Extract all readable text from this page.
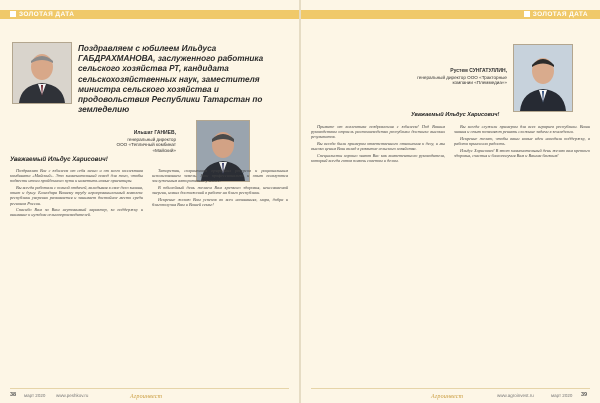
ЗОЛОТАЯ ДАТА
Поздравляем с юбилеем Ильдуса ГАБДРАХМАНОВА, заслуженного работника сельского хозяйства РТ, кандидата сельскохозяйственных наук, заместителя министра сельского хозяйства и продовольствия Республики Татарстан по земледелию
Ильшат ГАНИЕВ,
генеральный директор
ООО «Тепличный комбинат «Майский»
Уважаемый Ильдус Харисович!

Поздравляю Вас с юбилеем от себя лично и от всего коллектива комбината «Майский». Это знаменательный повод для того, чтобы подвести итоги пройденного пути и наметить новые ориентиры.

Вы всегда работали с полной отдачей, вкладывая в свое дело знания, опыт и душу. Благодаря Вашему труду агропромышленный комплекс республики уверенно развивается и занимает достойное место среди регионов России.

Спасибо Вам за Ваш неутомимый характер, за поддержку и внимание к нуждам сельхозпроизводителей.

Татарстан, сохранением природных ресурсов и рациональным использованием земель. Ваш профессионализм и опыт пользуются заслуженным авторитетом у коллег.

В юбилейный день желаем Вам крепкого здоровья, неиссякаемой энергии, новых достижений в работе на благо республики.

Искренне желаю Вам успехов во всех начинаниях, мира, добра и благополучия Вам и Вашей семье!

38 март 2020 www.peshkov.ru	Агроинвест
ЗОЛОТАЯ ДАТА
Рустем СУНГАТУЛЛИН,
генеральный директор ООО «Тракторные
компании «Племмедиа»»
Уважаемый Ильдус Харисович!

Примите от коллектива поздравления с юбилеем! Под Вашим руководством отрасль растениеводства республики достигла высоких результатов.

Вы всегда были примером ответственного отношения к делу, и мы высоко ценим Ваш вклад в развитие сельского хозяйства.

Специалисты хорошо знают Вас как компетентного руководителя, который всегда готов помочь советом и делом.

Вы всегда служили примером для всех аграриев республики. Ваши знания и опыт позволяют решать сложные задачи в земледелии.

Искренне желаю, чтобы ваши новые идеи находили поддержку, а работа приносила радость.

Ильдус Харисович! В этот знаменательный день желаю вам крепкого здоровья, счастья и благополучия Вам и Вашим близким!

Агроинвест	www.agroinvest.ru	март 2020 39
